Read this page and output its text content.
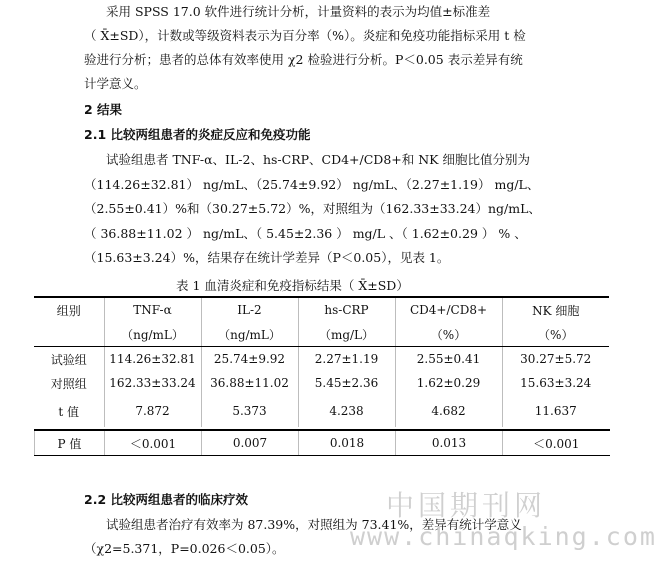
采用 SPSS 17.0 软件进行统计分析，计量资料的表示为均值±标准差
（ X̄±SD），计数或等级资料表示为百分率（%）。炎症和免疫功能指标采用 t 检
验进行分析；患者的总体有效率使用 χ2 检验进行分析。P＜0.05 表示差异有统
计学意义。
2 结果
2.1 比较两组患者的炎症反应和免疫功能
试验组患者 TNF-α、IL-2、hs-CRP、CD4+/CD8+和 NK 细胞比值分别为
（114.26±32.81） ng/mL、（25.74±9.92） ng/mL、（2.27±1.19） mg/L、
（2.55±0.41）%和（30.27±5.72）%，对照组为（162.33±33.24）ng/mL、
（ 36.88±11.02 ） ng/mL、（ 5.45±2.36 ） mg/L 、（ 1.62±0.29 ） % 、
（15.63±3.24）%，结果存在统计学差异（P＜0.05），见表 1。
表 1 血清炎症和免疫指标结果（ X̄±SD）
组别	TNF-α	IL-2	hs-CRP	CD4+/CD8+	NK 细胞
	（ng/mL）	（ng/mL）	（mg/L）	（%）	（%）
试验组	114.26±32.81	25.74±9.92	2.27±1.19	2.55±0.41	30.27±5.72
对照组	162.33±33.24	36.88±11.02	5.45±2.36	1.62±0.29	15.63±3.24
t 值	7.872	5.373	4.238	4.682	11.637
P 值	＜0.001	0.007	0.018	0.013	＜0.001
2.2 比较两组患者的临床疗效
试验组患者治疗有效率为 87.39%，对照组为 73.41%，差异有统计学意义
（χ2=5.371，P=0.026＜0.05）。
中国期刊网
www.chinaqking.com
